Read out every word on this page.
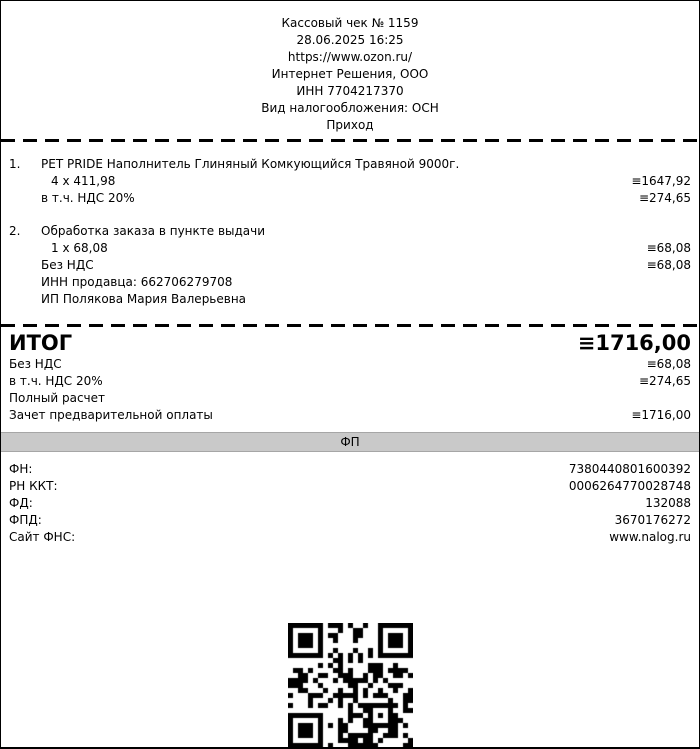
Кассовый чек № 1159
28.06.2025 16:25
https://www.ozon.ru/
Интернет Решения, ООО
ИНН 7704217370
Вид налогообложения: ОСН
Приход
1.	PET PRIDE Наполнитель Глиняный Комкующийся Травяной 9000г.
4 x 411,98	≡1647,92
в т.ч. НДС 20%	≡274,65
2.	Обработка заказа в пункте выдачи
1 x 68,08	≡68,08
Без НДС	≡68,08
ИНН продавца: 662706279708
ИП Полякова Мария Валерьевна
ИТОГ	≡1716,00
Без НДС	≡68,08
в т.ч. НДС 20%	≡274,65
Полный расчет
Зачет предварительной оплаты	≡1716,00
ФП
ФН:	7380440801600392
РН ККТ:	0006264770028748
ФД:	132088
ФПД:	3670176272
Сайт ФНС:	www.nalog.ru
